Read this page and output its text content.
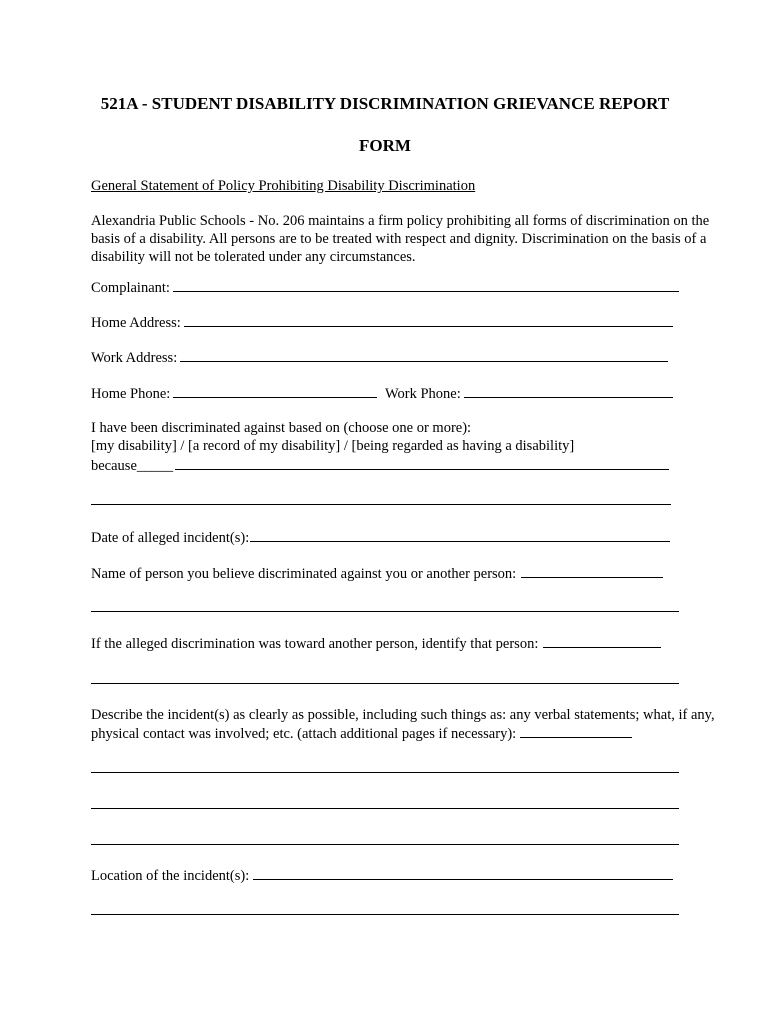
521A - STUDENT DISABILITY DISCRIMINATION GRIEVANCE REPORT
FORM
General Statement of Policy Prohibiting Disability Discrimination
Alexandria Public Schools - No. 206 maintains a firm policy prohibiting all forms of discrimination on the basis of a disability. All persons are to be treated with respect and dignity. Discrimination on the basis of a disability will not be tolerated under any circumstances.
Complainant:
Home Address:
Work Address:
Home Phone:	Work Phone:
I have been discriminated against based on (choose one or more):
[my disability] / [a record of my disability] / [being regarded as having a disability]
because_____
Date of alleged incident(s):
Name of person you believe discriminated against you or another person:
If the alleged discrimination was toward another person, identify that person:
Describe the incident(s) as clearly as possible, including such things as: any verbal statements; what, if any, physical contact was involved; etc. (attach additional pages if necessary):
Location of the incident(s):
